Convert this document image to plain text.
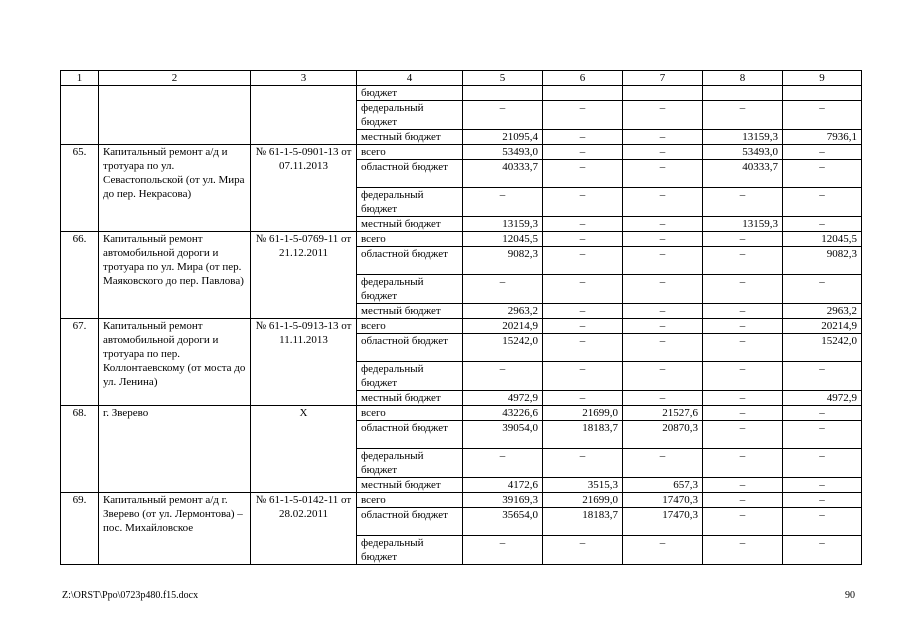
1	2	3	4	5	6	7	8	9
			бюджет					
			федеральный бюджет	–	–	–	–	–
			местный бюджет	21095,4	–	–	13159,3	7936,1
65.	Капитальный ремонт а/д и тротуара по ул. Севастопольской (от ул. Мира до пер. Некрасова)	№ 61-1-5-0901-13 от 07.11.2013	всего	53493,0	–	–	53493,0	–
			областной бюджет	40333,7	–	–	40333,7	–
			федеральный бюджет	–	–	–	–	–
			местный бюджет	13159,3	–	–	13159,3	–
66.	Капитальный ремонт автомобильной дороги и тротуара по ул. Мира (от пер. Маяковского до пер. Павлова)	№ 61-1-5-0769-11 от 21.12.2011	всего	12045,5	–	–	–	12045,5
			областной бюджет	9082,3	–	–	–	9082,3
			федеральный бюджет	–	–	–	–	–
			местный бюджет	2963,2	–	–	–	2963,2
67.	Капитальный ремонт автомобильной дороги и тротуара по пер. Коллонтаевскому (от моста до ул. Ленина)	№ 61-1-5-0913-13 от 11.11.2013	всего	20214,9	–	–	–	20214,9
			областной бюджет	15242,0	–	–	–	15242,0
			федеральный бюджет	–	–	–	–	–
			местный бюджет	4972,9	–	–	–	4972,9
68.	г. Зверево	Х	всего	43226,6	21699,0	21527,6	–	–
			областной бюджет	39054,0	18183,7	20870,3	–	–
			федеральный бюджет	–	–	–	–	–
			местный бюджет	4172,6	3515,3	657,3	–	–
69.	Капитальный ремонт а/д г. Зверево (от ул. Лермонтова) – пос. Михайловское	№ 61-1-5-0142-11 от 28.02.2011	всего	39169,3	21699,0	17470,3	–	–
			областной бюджет	35654,0	18183,7	17470,3	–	–
			федеральный бюджет	–	–	–	–	–
Z:\ORST\Ppo\0723p480.f15.docx	90
